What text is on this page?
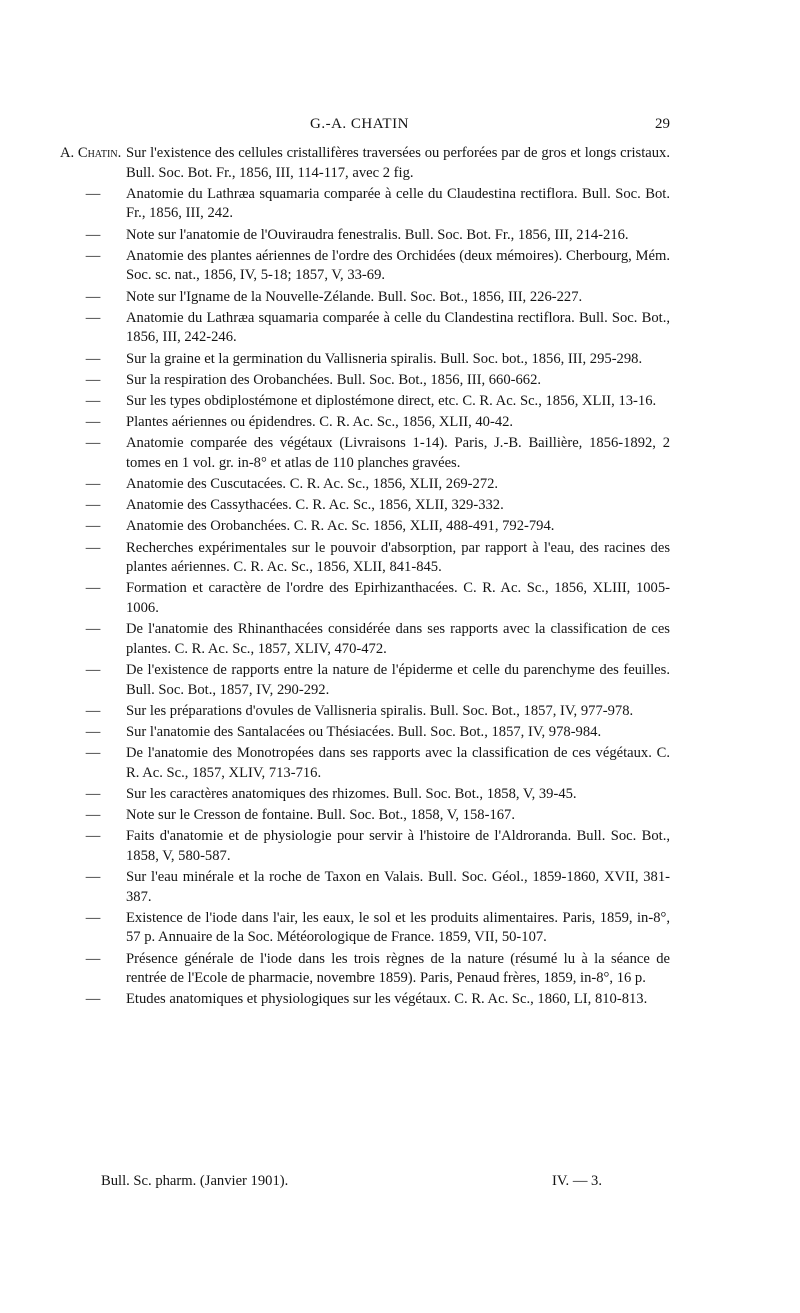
G.-A. CHATIN	29
A. Chatin. Sur l'existence des cellules cristallifères traversées ou perforées par de gros et longs cristaux. Bull. Soc. Bot. Fr., 1856, III, 114-117, avec 2 fig.
—	Anatomie du Lathræa squamaria comparée à celle du Claudestina rectiflora. Bull. Soc. Bot. Fr., 1856, III, 242.
—	Note sur l'anatomie de l'Ouviraudra fenestralis. Bull. Soc. Bot. Fr., 1856, III, 214-216.
—	Anatomie des plantes aériennes de l'ordre des Orchidées (deux mémoires). Cherbourg, Mém. Soc. sc. nat., 1856, IV, 5-18; 1857, V, 33-69.
—	Note sur l'Igname de la Nouvelle-Zélande. Bull. Soc. Bot., 1856, III, 226-227.
—	Anatomie du Lathræa squamaria comparée à celle du Clandestina rectiflora. Bull. Soc. Bot., 1856, III, 242-246.
—	Sur la graine et la germination du Vallisneria spiralis. Bull. Soc. bot., 1856, III, 295-298.
—	Sur la respiration des Orobanchées. Bull. Soc. Bot., 1856, III, 660-662.
—	Sur les types obdiplostémone et diplostémone direct, etc. C. R. Ac. Sc., 1856, XLII, 13-16.
—	Plantes aériennes ou épidendres. C. R. Ac. Sc., 1856, XLII, 40-42.
—	Anatomie comparée des végétaux (Livraisons 1-14). Paris, J.-B. Baillière, 1856-1892, 2 tomes en 1 vol. gr. in-8° et atlas de 110 planches gravées.
—	Anatomie des Cuscutacées. C. R. Ac. Sc., 1856, XLII, 269-272.
—	Anatomie des Cassythacées. C. R. Ac. Sc., 1856, XLII, 329-332.
—	Anatomie des Orobanchées. C. R. Ac. Sc. 1856, XLII, 488-491, 792-794.
—	Recherches expérimentales sur le pouvoir d'absorption, par rapport à l'eau, des racines des plantes aériennes. C. R. Ac. Sc., 1856, XLII, 841-845.
—	Formation et caractère de l'ordre des Epirhizanthacées. C. R. Ac. Sc., 1856, XLIII, 1005-1006.
—	De l'anatomie des Rhinanthacées considérée dans ses rapports avec la classification de ces plantes. C. R. Ac. Sc., 1857, XLIV, 470-472.
—	De l'existence de rapports entre la nature de l'épiderme et celle du parenchyme des feuilles. Bull. Soc. Bot., 1857, IV, 290-292.
—	Sur les préparations d'ovules de Vallisneria spiralis. Bull. Soc. Bot., 1857, IV, 977-978.
—	Sur l'anatomie des Santalacées ou Thésiacées. Bull. Soc. Bot., 1857, IV, 978-984.
—	De l'anatomie des Monotropées dans ses rapports avec la classification de ces végétaux. C. R. Ac. Sc., 1857, XLIV, 713-716.
—	Sur les caractères anatomiques des rhizomes. Bull. Soc. Bot., 1858, V, 39-45.
—	Note sur le Cresson de fontaine. Bull. Soc. Bot., 1858, V, 158-167.
—	Faits d'anatomie et de physiologie pour servir à l'histoire de l'Aldroranda. Bull. Soc. Bot., 1858, V, 580-587.
—	Sur l'eau minérale et la roche de Taxon en Valais. Bull. Soc. Géol., 1859-1860, XVII, 381-387.
—	Existence de l'iode dans l'air, les eaux, le sol et les produits alimentaires. Paris, 1859, in-8°, 57 p. Annuaire de la Soc. Météorologique de France. 1859, VII, 50-107.
—	Présence générale de l'iode dans les trois règnes de la nature (résumé lu à la séance de rentrée de l'Ecole de pharmacie, novembre 1859). Paris, Penaud frères, 1859, in-8°, 16 p.
—	Etudes anatomiques et physiologiques sur les végétaux. C. R. Ac. Sc., 1860, LI, 810-813.
Bull. Sc. pharm. (Janvier 1901).	IV. — 3.
